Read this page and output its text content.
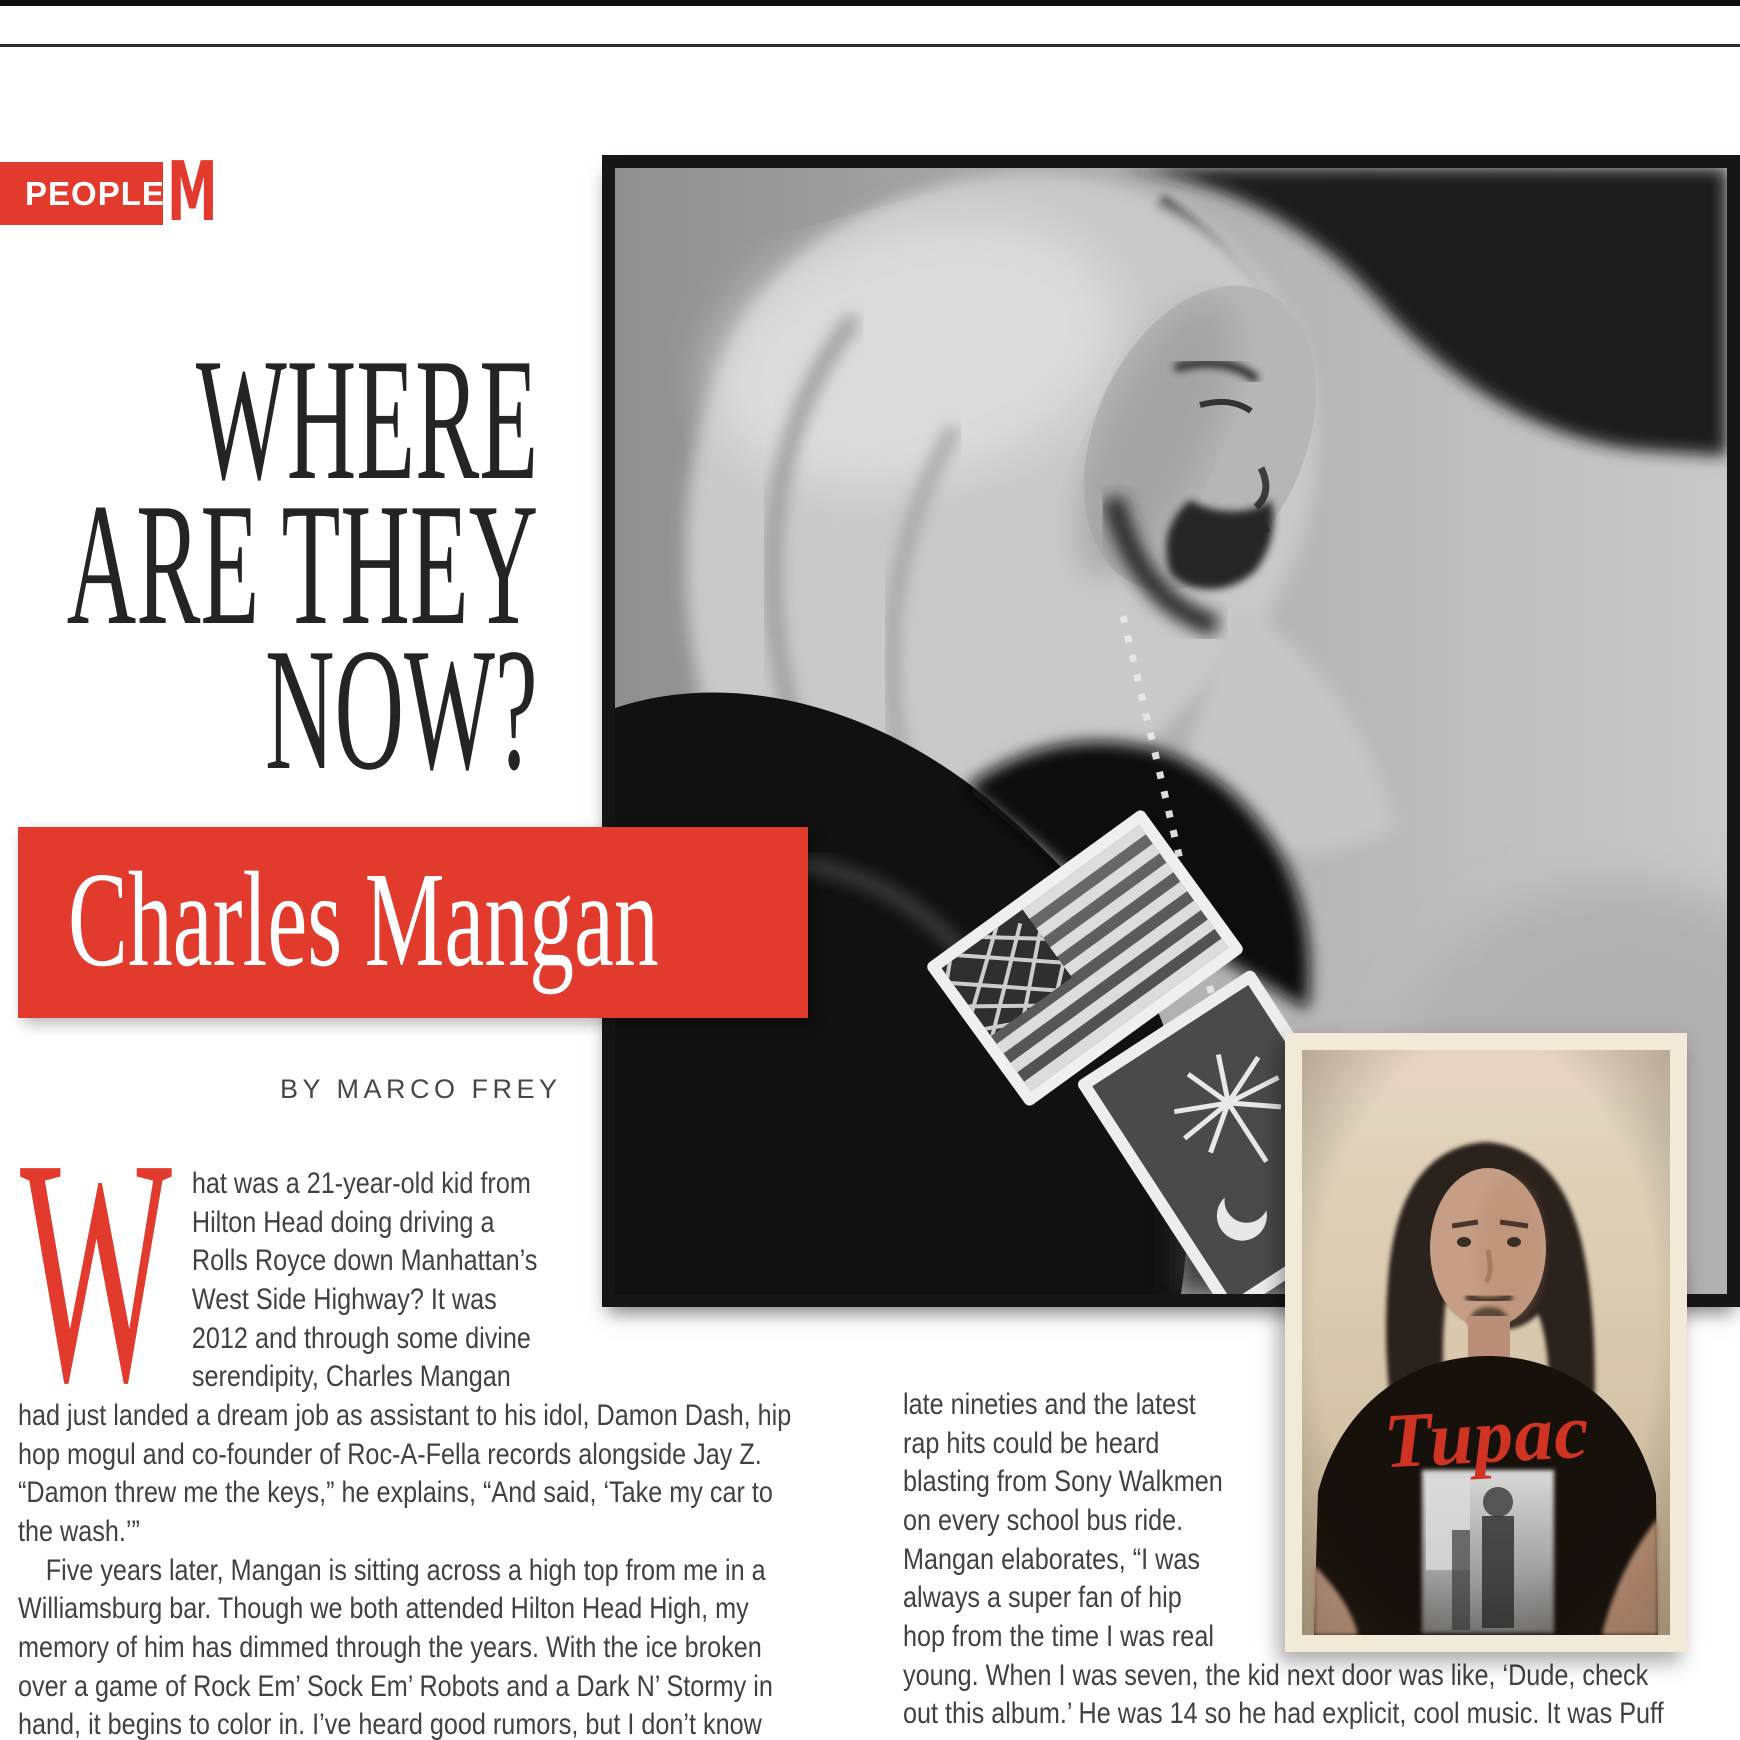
PEOPLE M
WHERE
ARE THEY
NOW?
Charles Mangan
BY MARCO FREY
W hat was a 21-year-old kid from
Hilton Head doing driving a
Rolls Royce down Manhattan’s
West Side Highway? It was
2012 and through some divine
serendipity, Charles Mangan
had just landed a dream job as assistant to his idol, Damon Dash, hip
hop mogul and co-founder of Roc-A-Fella records alongside Jay Z.
“Damon threw me the keys,” he explains, “And said, ‘Take my car to
the wash.’”
Five years later, Mangan is sitting across a high top from me in a
Williamsburg bar. Though we both attended Hilton Head High, my
memory of him has dimmed through the years. With the ice broken
over a game of Rock Em’ Sock Em’ Robots and a Dark N’ Stormy in
hand, it begins to color in. I’ve heard good rumors, but I don’t know
late nineties and the latest
rap hits could be heard
blasting from Sony Walkmen
on every school bus ride.
Mangan elaborates, “I was
always a super fan of hip
hop from the time I was real
young. When I was seven, the kid next door was like, ‘Dude, check
out this album.’ He was 14 so he had explicit, cool music. It was Puff
